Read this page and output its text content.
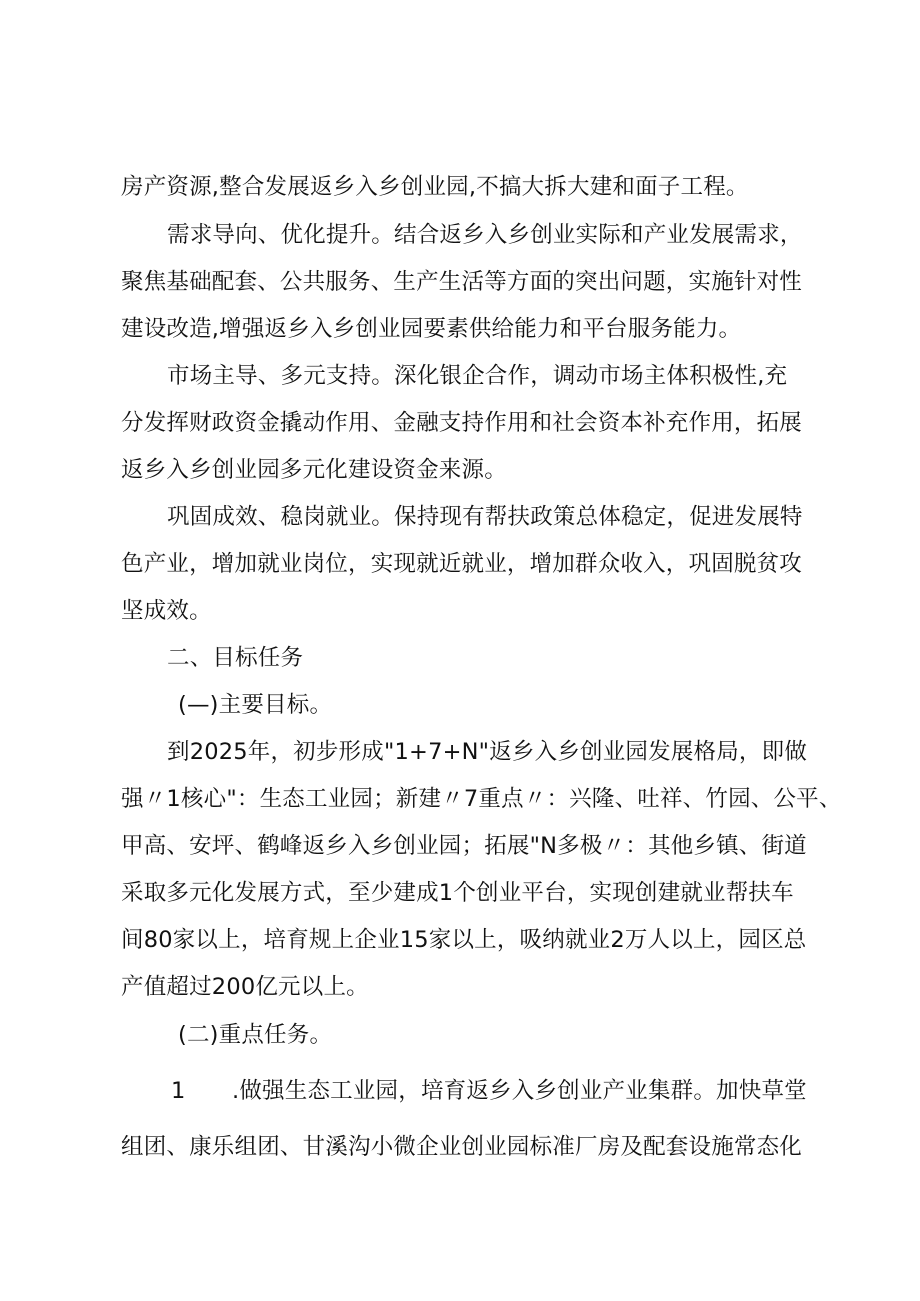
房产资源,整合发展返乡入乡创业园,不搞大拆大建和面子工程。
需求导向、优化提升。结合返乡入乡创业实际和产业发展需求，
聚焦基础配套、公共服务、生产生活等方面的突出问题，实施针对性
建设改造,增强返乡入乡创业园要素供给能力和平台服务能力。
市场主导、多元支持。深化银企合作，调动市场主体积极性,充
分发挥财政资金撬动作用、金融支持作用和社会资本补充作用，拓展
返乡入乡创业园多元化建设资金来源。
巩固成效、稳岗就业。保持现有帮扶政策总体稳定，促进发展特
色产业，增加就业岗位，实现就近就业，增加群众收入，巩固脱贫攻
坚成效。
二、目标任务
(—)主要目标。
到2025年，初步形成"1+7+N"返乡入乡创业园发展格局，即做
强〃1核心"：生态工业园；新建〃7重点〃：兴隆、吐祥、竹园、公平、
甲高、安坪、鹤峰返乡入乡创业园；拓展"N多极〃：其他乡镇、街道
采取多元化发展方式，至少建成1个创业平台，实现创建就业帮扶车
间80家以上，培育规上企业15家以上，吸纳就业2万人以上，园区总
产值超过200亿元以上。
(二)重点任务。
1 .做强生态工业园，培育返乡入乡创业产业集群。加快草堂
组团、康乐组团、甘溪沟小微企业创业园标准厂房及配套设施常态化
